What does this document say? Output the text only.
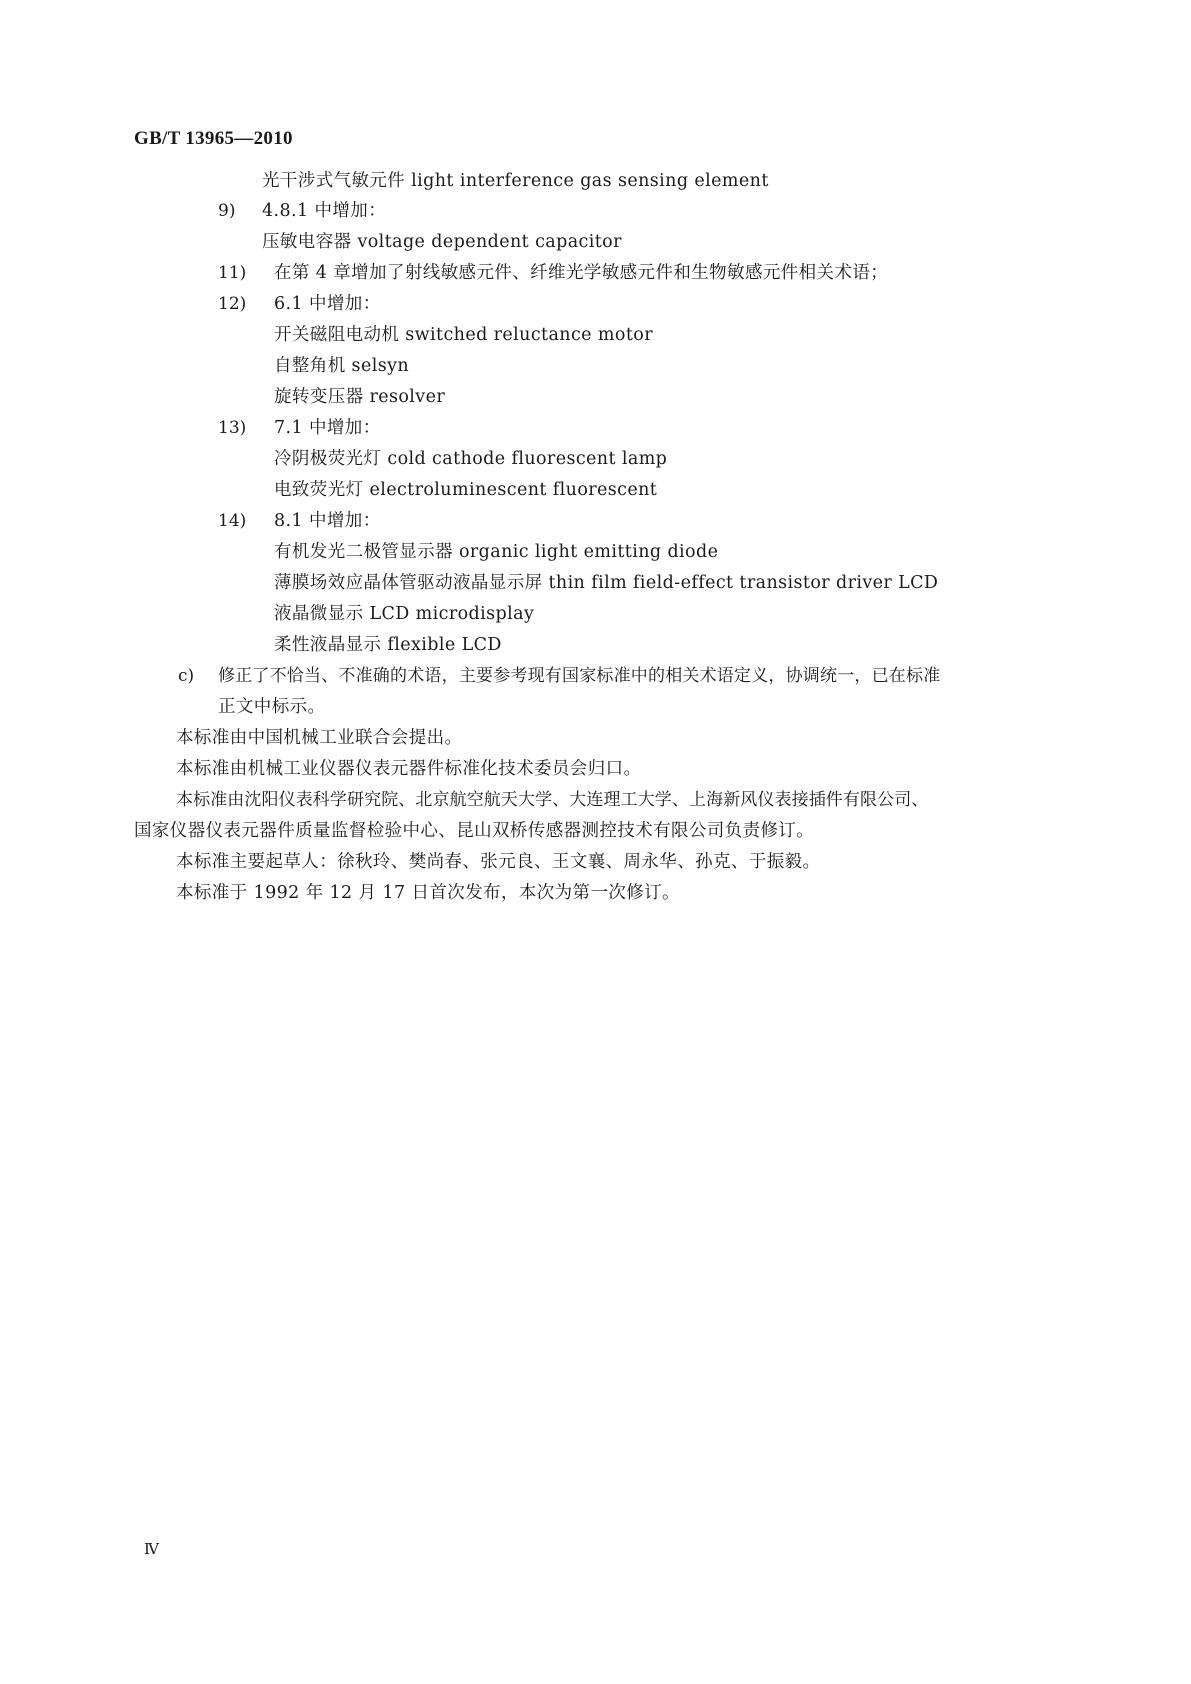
GB/T 13965—2010
光干涉式气敏元件 light interference gas sensing element
9) 4.8.1 中增加：
压敏电容器 voltage dependent capacitor
11) 在第 4 章增加了射线敏感元件、纤维光学敏感元件和生物敏感元件相关术语；
12) 6.1 中增加：
开关磁阻电动机 switched reluctance motor
自整角机 selsyn
旋转变压器 resolver
13) 7.1 中增加：
冷阴极荧光灯 cold cathode fluorescent lamp
电致荧光灯 electroluminescent fluorescent
14) 8.1 中增加：
有机发光二极管显示器 organic light emitting diode
薄膜场效应晶体管驱动液晶显示屏 thin film field-effect transistor driver LCD
液晶微显示 LCD microdisplay
柔性液晶显示 flexible LCD
c) 修正了不恰当、不准确的术语，主要参考现有国家标准中的相关术语定义，协调统一，已在标准
正文中标示。
本标准由中国机械工业联合会提出。
本标准由机械工业仪器仪表元器件标准化技术委员会归口。
本标准由沈阳仪表科学研究院、北京航空航天大学、大连理工大学、上海新风仪表接插件有限公司、
国家仪器仪表元器件质量监督检验中心、昆山双桥传感器测控技术有限公司负责修订。
本标准主要起草人：徐秋玲、樊尚春、张元良、王文襄、周永华、孙克、于振毅。
本标准于 1992 年 12 月 17 日首次发布，本次为第一次修订。
Ⅳ
